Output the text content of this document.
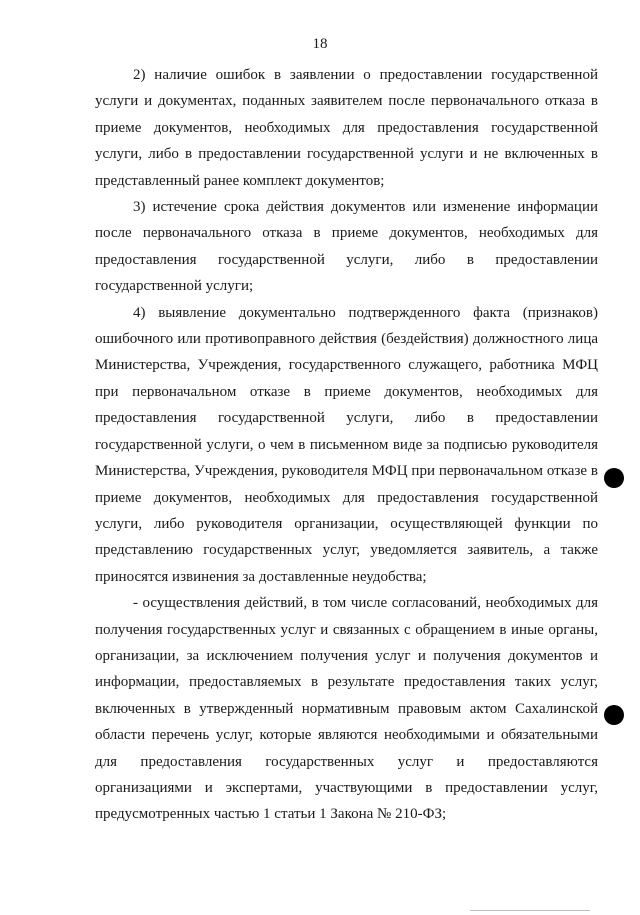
18

2) наличие ошибок в заявлении о предоставлении государственной услуги и документах, поданных заявителем после первоначального отказа в приеме документов, необходимых для предоставления государственной услуги, либо в предоставлении государственной услуги и не включенных в представленный ранее комплект документов;

3) истечение срока действия документов или изменение информации после первоначального отказа в приеме документов, необходимых для предоставления государственной услуги, либо в предоставлении государственной услуги;

4) выявление документально подтвержденного факта (признаков) ошибочного или противоправного действия (бездействия) должностного лица Министерства, Учреждения, государственного служащего, работника МФЦ при первоначальном отказе в приеме документов, необходимых для предоставления государственной услуги, либо в предоставлении государственной услуги, о чем в письменном виде за подписью руководителя Министерства, Учреждения, руководителя МФЦ при первоначальном отказе в приеме документов, необходимых для предоставления государственной услуги, либо руководителя организации, осуществляющей функции по представлению государственных услуг, уведомляется заявитель, а также приносятся извинения за доставленные неудобства;

- осуществления действий, в том числе согласований, необходимых для получения государственных услуг и связанных с обращением в иные органы, организации, за исключением получения услуг и получения документов и информации, предоставляемых в результате предоставления таких услуг, включенных в утвержденный нормативным правовым актом Сахалинской области перечень услуг, которые являются необходимыми и обязательными для предоставления государственных услуг и предоставляются организациями и экспертами, участвующими в предоставлении услуг, предусмотренных частью 1 статьи 1 Закона № 210-ФЗ;
